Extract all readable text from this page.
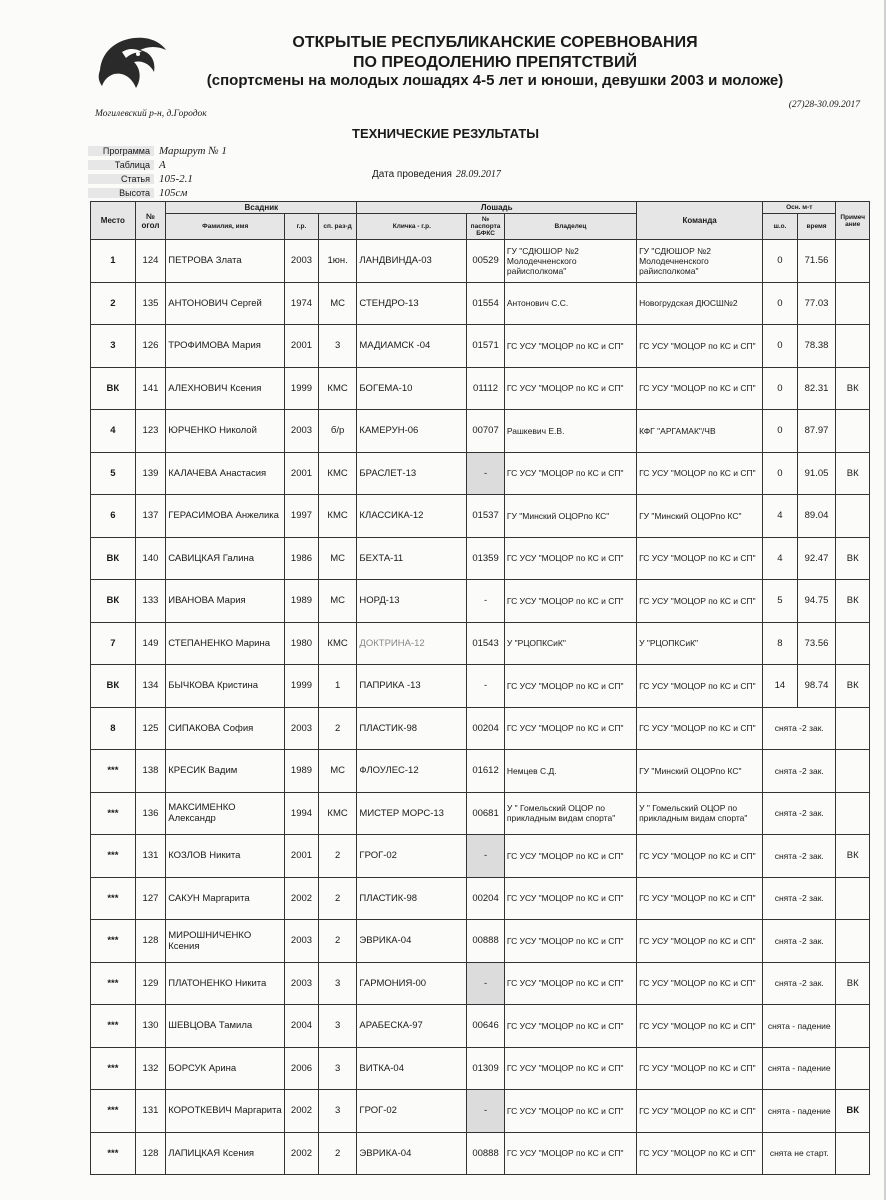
ОТКРЫТЫЕ РЕСПУБЛИКАНСКИЕ СОРЕВНОВАНИЯ
ПО ПРЕОДОЛЕНИЮ ПРЕПЯТСТВИЙ
(спортсмены на молодых лошадях 4-5 лет и юноши, девушки 2003 и моложе)
Могилевский р-н, д.Городок
(27)28-30.09.2017
ТЕХНИЧЕСКИЕ РЕЗУЛЬТАТЫ
Программа Маршрут № 1
Таблица А
Статья 105-2.1
Высота 105см
Дата проведения 28.09.2017
Место	№ огол	Всадник			Лошадь			Команда	Осн. м-т		Примеч ание
		Фамилия, имя	г.р.	сп. раз-д	Кличка - г.р.	№ паспорта БФКС	Владелец		ш.о.	время	
1	124	ПЕТРОВА Злата	2003	1юн.	ЛАНДВИНДА-03	00529	ГУ "СДЮШОР №2 Молодечненского райисполкома"	ГУ "СДЮШОР №2 Молодечненского райисполкома"	0	71.56	
2	135	АНТОНОВИЧ Сергей	1974	МС	СТЕНДРО-13	01554	Антонович С.С.	Новогрудская ДЮСШ№2	0	77.03	
3	126	ТРОФИМОВА Мария	2001	3	МАДИАМСК -04	01571	ГС УСУ "МОЦОР по КС и СП"	ГС УСУ "МОЦОР по КС и СП"	0	78.38	
ВК	141	АЛЕХНОВИЧ Ксения	1999	КМС	БОГЕМА-10	01112	ГС УСУ "МОЦОР по КС и СП"	ГС УСУ "МОЦОР по КС и СП"	0	82.31	ВК
4	123	ЮРЧЕНКО Николой	2003	б/р	КАМЕРУН-06	00707	Рашкевич Е.В.	КФГ "АРГАМАК"/ЧВ	0	87.97	
5	139	КАЛАЧЕВА Анастасия	2001	КМС	БРАСЛЕТ-13	-	ГС УСУ "МОЦОР по КС и СП"	ГС УСУ "МОЦОР по КС и СП"	0	91.05	ВК
6	137	ГЕРАСИМОВА Анжелика	1997	КМС	КЛАССИКА-12	01537	ГУ "Минский ОЦОРпо КС"	ГУ "Минский ОЦОРпо КС"	4	89.04	
ВК	140	САВИЦКАЯ Галина	1986	МС	БЕХТА-11	01359	ГС УСУ "МОЦОР по КС и СП"	ГС УСУ "МОЦОР по КС и СП"	4	92.47	ВК
ВК	133	ИВАНОВА Мария	1989	МС	НОРД-13	-	ГС УСУ "МОЦОР по КС и СП"	ГС УСУ "МОЦОР по КС и СП"	5	94.75	ВК
7	149	СТЕПАНЕНКО Марина	1980	КМС	ДОКТРИНА-12	01543	У "РЦОПКСиК"	У "РЦОПКСиК"	8	73.56	
ВК	134	БЫЧКОВА Кристина	1999	1	ПАПРИКА -13	-	ГС УСУ "МОЦОР по КС и СП"	ГС УСУ "МОЦОР по КС и СП"	14	98.74	ВК
8	125	СИПАКОВА София	2003	2	ПЛАСТИК-98	00204	ГС УСУ "МОЦОР по КС и СП"	ГС УСУ "МОЦОР по КС и СП"	снята -2 зак.		
***	138	КРЕСИК Вадим	1989	МС	ФЛОУЛЕС-12	01612	Немцев С.Д.	ГУ "Минский ОЦОРпо КС"	снята -2 зак.		
***	136	МАКСИМЕНКО Александр	1994	КМС	МИСТЕР МОРС-13	00681	У " Гомельский ОЦОР по прикладным видам спорта"	У " Гомельский ОЦОР по прикладным видам спорта"	снята -2 зак.		
***	131	КОЗЛОВ Никита	2001	2	ГРОГ-02	-	ГС УСУ "МОЦОР по КС и СП"	ГС УСУ "МОЦОР по КС и СП"	снята -2 зак.		ВК
***	127	САКУН Маргарита	2002	2	ПЛАСТИК-98	00204	ГС УСУ "МОЦОР по КС и СП"	ГС УСУ "МОЦОР по КС и СП"	снята -2 зак.		
***	128	МИРОШНИЧЕНКО Ксения	2003	2	ЭВРИКА-04	00888	ГС УСУ "МОЦОР по КС и СП"	ГС УСУ "МОЦОР по КС и СП"	снята -2 зак.		
***	129	ПЛАТОНЕНКО Никита	2003	3	ГАРМОНИЯ-00	-	ГС УСУ "МОЦОР по КС и СП"	ГС УСУ "МОЦОР по КС и СП"	снята -2 зак.		ВК
***	130	ШЕВЦОВА Тамила	2004	3	АРАБЕСКА-97	00646	ГС УСУ "МОЦОР по КС и СП"	ГС УСУ "МОЦОР по КС и СП"	снята - падение		
***	132	БОРСУК Арина	2006	3	ВИТКА-04	01309	ГС УСУ "МОЦОР по КС и СП"	ГС УСУ "МОЦОР по КС и СП"	снята - падение		
***	131	КОРОТКЕВИЧ Маргарита	2002	3	ГРОГ-02	-	ГС УСУ "МОЦОР по КС и СП"	ГС УСУ "МОЦОР по КС и СП"	снята - падение		ВК
***	128	ЛАПИЦКАЯ Ксения	2002	2	ЭВРИКА-04	00888	ГС УСУ "МОЦОР по КС и СП"	ГС УСУ "МОЦОР по КС и СП"	снята не старт.		
